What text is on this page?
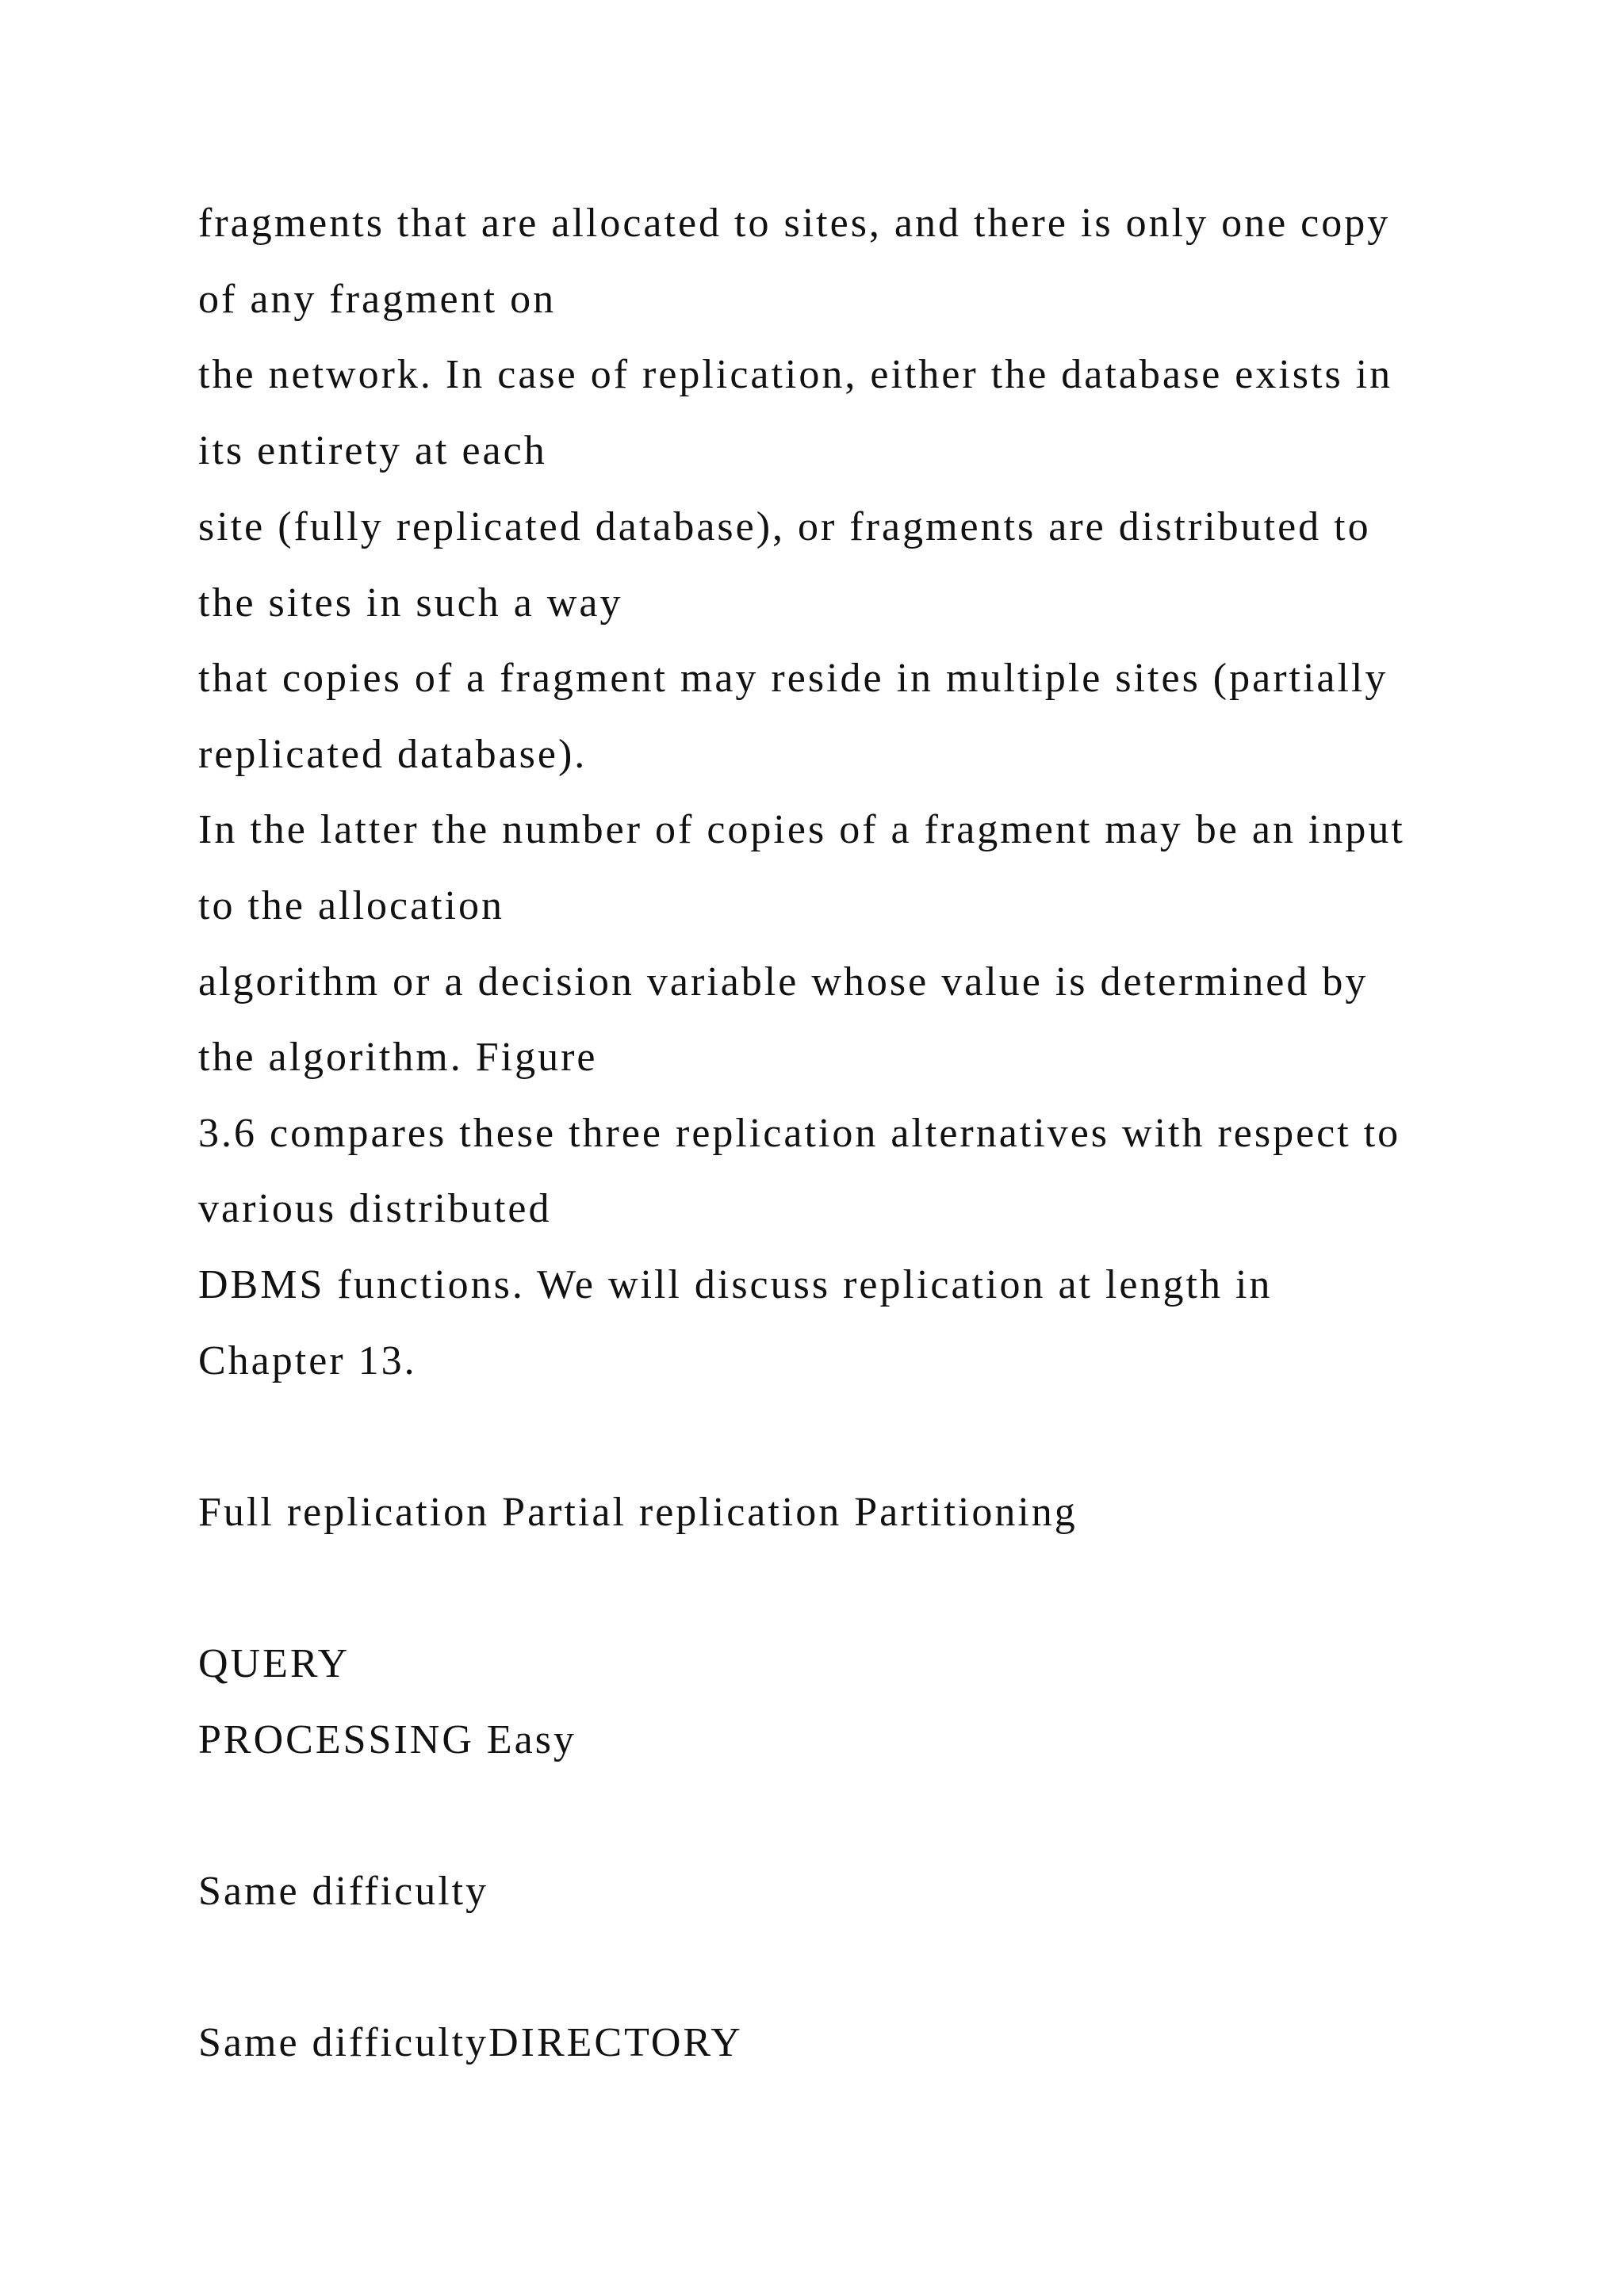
fragments that are allocated to sites, and there is only one copy
of any fragment on
the network. In case of replication, either the database exists in
its entirety at each
site (fully replicated database), or fragments are distributed to
the sites in such a way
that copies of a fragment may reside in multiple sites (partially
replicated database).
In the latter the number of copies of a fragment may be an input
to the allocation
algorithm or a decision variable whose value is determined by
the algorithm. Figure
3.6 compares these three replication alternatives with respect to
various distributed
DBMS functions. We will discuss replication at length in
Chapter 13.
Full replication Partial replication Partitioning
QUERY
PROCESSING Easy
Same difficulty
Same difficultyDIRECTORY
